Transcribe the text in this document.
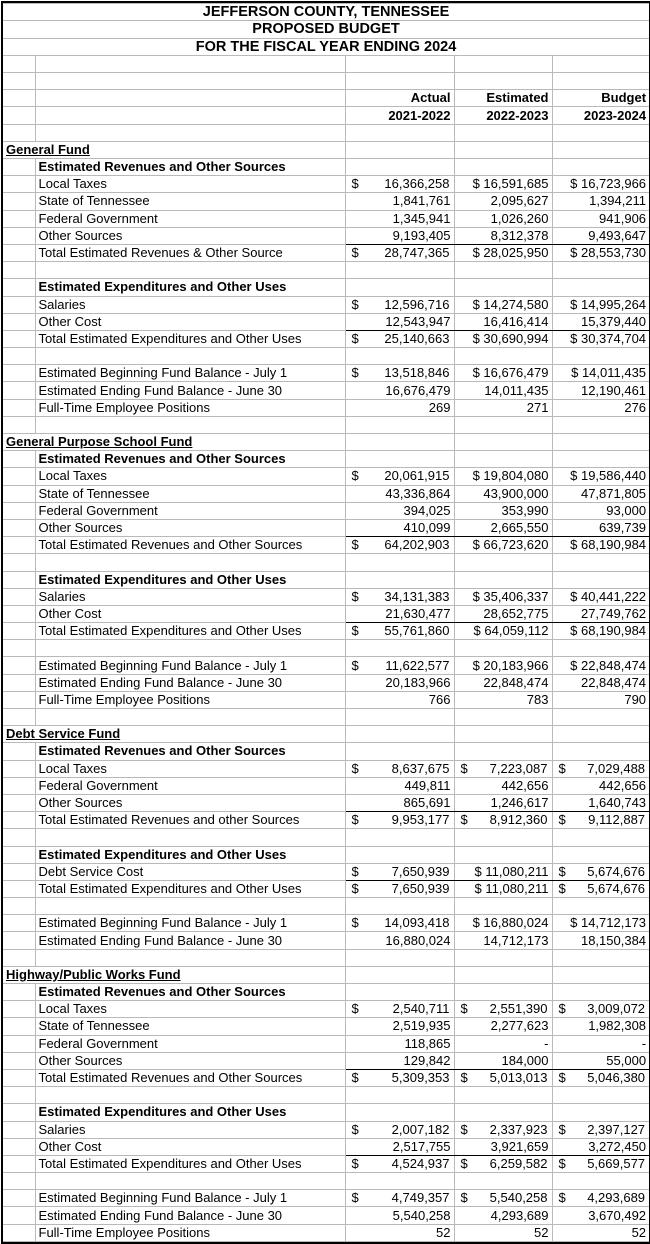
JEFFERSON COUNTY, TENNESSEE				
PROPOSED BUDGET				
FOR THE FISCAL YEAR ENDING 2024				

		Actual	Estimated	Budget
		2021-2022	2022-2023	2023-2024

General Fund				
	Estimated Revenues and Other Sources			
	Local Taxes	$ 16,366,258	$ 16,591,685	$ 16,723,966
	State of Tennessee	1,841,761	2,095,627	1,394,211
	Federal Government	1,345,941	1,026,260	941,906
	Other Sources	9,193,405	8,312,378	9,493,647
	Total Estimated Revenues & Other Source	$ 28,747,365	$ 28,025,950	$ 28,553,730

	Estimated Expenditures and Other Uses			
	Salaries	$ 12,596,716	$ 14,274,580	$ 14,995,264
	Other Cost	12,543,947	16,416,414	15,379,440
	Total Estimated Expenditures and Other Uses	$ 25,140,663	$ 30,690,994	$ 30,374,704

	Estimated Beginning Fund Balance - July 1	$ 13,518,846	$ 16,676,479	$ 14,011,435
	Estimated Ending Fund Balance - June 30	16,676,479	14,011,435	12,190,461
	Full-Time Employee Positions	269	271	276

General Purpose School Fund				
	Estimated Revenues and Other Sources			
	Local Taxes	$ 20,061,915	$ 19,804,080	$ 19,586,440
	State of Tennessee	43,336,864	43,900,000	47,871,805
	Federal Government	394,025	353,990	93,000
	Other Sources	410,099	2,665,550	639,739
	Total Estimated Revenues and Other Sources	$ 64,202,903	$ 66,723,620	$ 68,190,984

	Estimated Expenditures and Other Uses			
	Salaries	$ 34,131,383	$ 35,406,337	$ 40,441,222
	Other Cost	21,630,477	28,652,775	27,749,762
	Total Estimated Expenditures and Other Uses	$ 55,761,860	$ 64,059,112	$ 68,190,984

	Estimated Beginning Fund Balance - July 1	$ 11,622,577	$ 20,183,966	$ 22,848,474
	Estimated Ending Fund Balance - June 30	20,183,966	22,848,474	22,848,474
	Full-Time Employee Positions	766	783	790

Debt Service Fund				
	Estimated Revenues and Other Sources			
	Local Taxes	$ 8,637,675	$ 7,223,087	$ 7,029,488

	Federal Government	449,811	442,656	442,656
	Other Sources	865,691	1,246,617	1,640,743
	Total Estimated Revenues and other Sources	$ 9,953,177	$ 8,912,360	$ 9,112,887

	Estimated Expenditures and Other Uses			
	Debt Service Cost	$ 7,650,939	$ 11,080,211	$ 5,674,676

	Total Estimated Expenditures and Other Uses	$ 7,650,939	$ 11,080,211	$ 5,674,676

	Estimated Beginning Fund Balance - July 1	$ 14,093,418	$ 16,880,024	$ 14,712,173
	Estimated Ending Fund Balance - June 30	16,880,024	14,712,173	18,150,384

Highway/Public Works Fund				
	Estimated Revenues and Other Sources			
	Local Taxes	$ 2,540,711	$ 2,551,390	$ 3,009,072

	State of Tennessee	2,519,935	2,277,623	1,982,308
	Federal Government	118,865	-	-
	Other Sources	129,842	184,000	55,000
	Total Estimated Revenues and Other Sources	$ 5,309,353	$ 5,013,013	$ 5,046,380

	Estimated Expenditures and Other Uses			
	Salaries	$ 2,007,182	$ 2,337,923	$ 2,397,127

	Other Cost	2,517,755	3,921,659	3,272,450
	Total Estimated Expenditures and Other Uses	$ 4,524,937	$ 6,259,582	$ 5,669,577

	Estimated Beginning Fund Balance - July 1	$ 4,749,357	$ 5,540,258	$ 4,293,689

	Estimated Ending Fund Balance - June 30	5,540,258	4,293,689	3,670,492
	Full-Time Employee Positions	52	52	52
